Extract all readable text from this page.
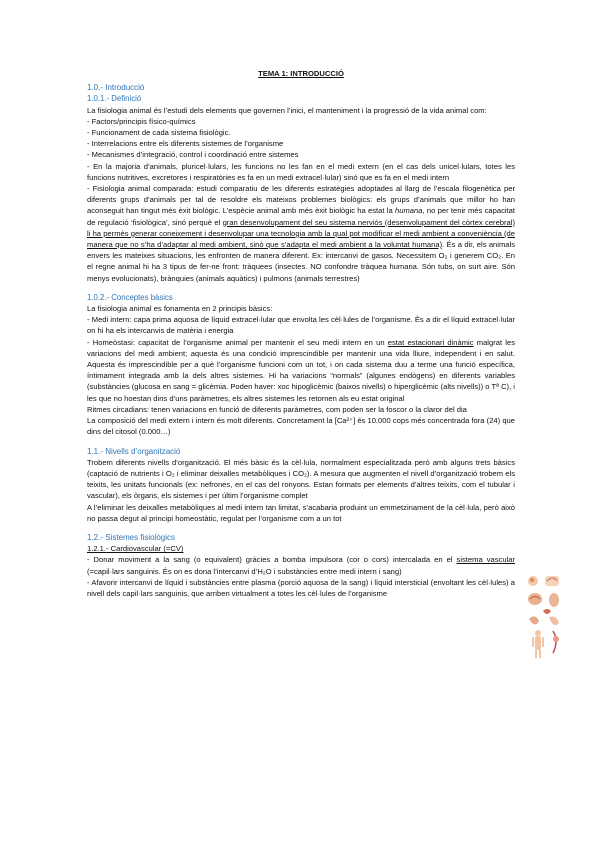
TEMA 1: INTRODUCCIÓ
1.0.- Introducció
1.0.1.- Definició
La fisiologia animal és l’estudi dels elements que governen l’inici, el manteniment i la progressió de la vida animal com:
- Factors/principis físico-químics
- Funcionament de cada sistema fisiològic.
- Interrelacions entre els diferents sistemes de l’organisme
- Mecanismes d’integració, control i coordinació entre sistemes
- En la majoria d’animals, pluricel·lulars, les funcions no les fan en el medi extern (en el cas dels unicel·lulars, totes les funcions nutritives, excretores i respiratòries es fa en un medi extracel·lular) sinó que es fa en el medi intern
- Fisiologia animal comparada: estudi comparatiu de les diferents estratègies adoptades al llarg de l’escala filogenètica per diferents grups d’animals per tal de resoldre els mateixos problemes biològics: els grups d’animals que millor ho han aconseguit han tingut més èxit biològic. L’espècie animal amb més èxit biològic ha estat la humana, no per tenir més capacitat de regulació ‘fisiològica’, sinó perquè el gran desenvolupament del seu sistema nerviós (desenvolupament del còrtex cerebral) li ha permès generar coneixement i desenvolupar una tecnologia amb la qual pot modificar el medi ambient a conveniència (de manera que no s’ha d’adaptar al medi ambient, sinó que s’adapta el medi ambient a la voluntat humana). És a dir, els animals envers les mateixes situacions, les enfronten de manera diferent. Ex: intercanvi de gasos. Necessitem O₂ i generem CO₂. En el regne animal hi ha 3 tipus de fer-ne front: tràquees (insectes. NO confondre tràquea humana. Són tubs, on surt aire. Són menys evolucionats), brànquies (animals aquàtics) i pulmons (animals terrestres)
1.0.2.- Conceptes bàsics
La fisiologia animal es fonamenta en 2 principis bàsics:
- Medi intern: capa prima aquosa de líquid extracel·lular que envolta les cèl·lules de l’organisme. És a dir el líquid extracel·lular on hi ha els intercanvis de matèria i energia
- Homeòstasi: capacitat de l’organisme animal per mantenir el seu medi intern en un estat estacionari dinàmic malgrat les variacions del medi ambient; aquesta és una condició imprescindible per mantenir una vida lliure, independent i en salut. Aquesta és imprescindible per a què l’organisme funcioni com un tot, i on cada sistema duu a terme una funció específica, íntimament integrada amb la dels altres sistemes. Hi ha variacions “normals” (algunes endògens) en diferents variables (substàncies (glucosa en sang = glicèmia. Poden haver: xoc hipoglicèmic (baixos nivells) o hiperglicèmic (alts nivells)) o Tª C), i les que no hoestan dins d’uns paràmetres, els altres sistemes les retornen als eu estat original
Ritmes circadians: tenen variacions en funció de diferents paràmetres, com poden ser la foscor o la claror del dia
La composició del medi extern i intern és molt diferents. Concretament la [Ca²⁺] és 10.000 cops més concentrada fora (24) que dins del citosol (0.000…)
1.1.- Nivells d’organització
Trobem diferents nivells d’organització. El més bàsic és la cèl·lula, normalment especialitzada però amb alguns trets bàsics (captació de nutrients i O₂ i eliminar deixalles metabòliques i CO₂). A mesura que augmenten el nivell d’organització trobem els teixits, les unitats funcionals (ex: nefrones, en el cas del ronyons. Estan formats per elements d’altres teixits, com el tubular i vascular), els òrgans, els sistemes i per últim l’organisme complet
A l’eliminar les deixalles metabòliques al medi intern tan limitat, s’acabaria produint un emmetzinament de la cèl·lula, però això no passa degut al principi homeostàtic, regulat per l’organisme com a un tot
1.2.- Sistemes fisiològics
1.2.1.- Cardiovascular (=CV)
- Donar moviment a la sang (o equivalent) gràcies a bomba impulsora (cor o cors) intercalada en el sistema vascular (=capil·lars sanguinis. És on es dona l’intercanvi d’H₂O i substàncies entre medi intern i sang)
- Afavorir intercanvi de líquid i substàncies entre plasma (porció aquosa de la sang) i líquid intersticial (envoltant les cèl·lules) a nivell dels capil·lars sanguinis, que arriben virtualment a totes les cèl·lules de l’organisme
